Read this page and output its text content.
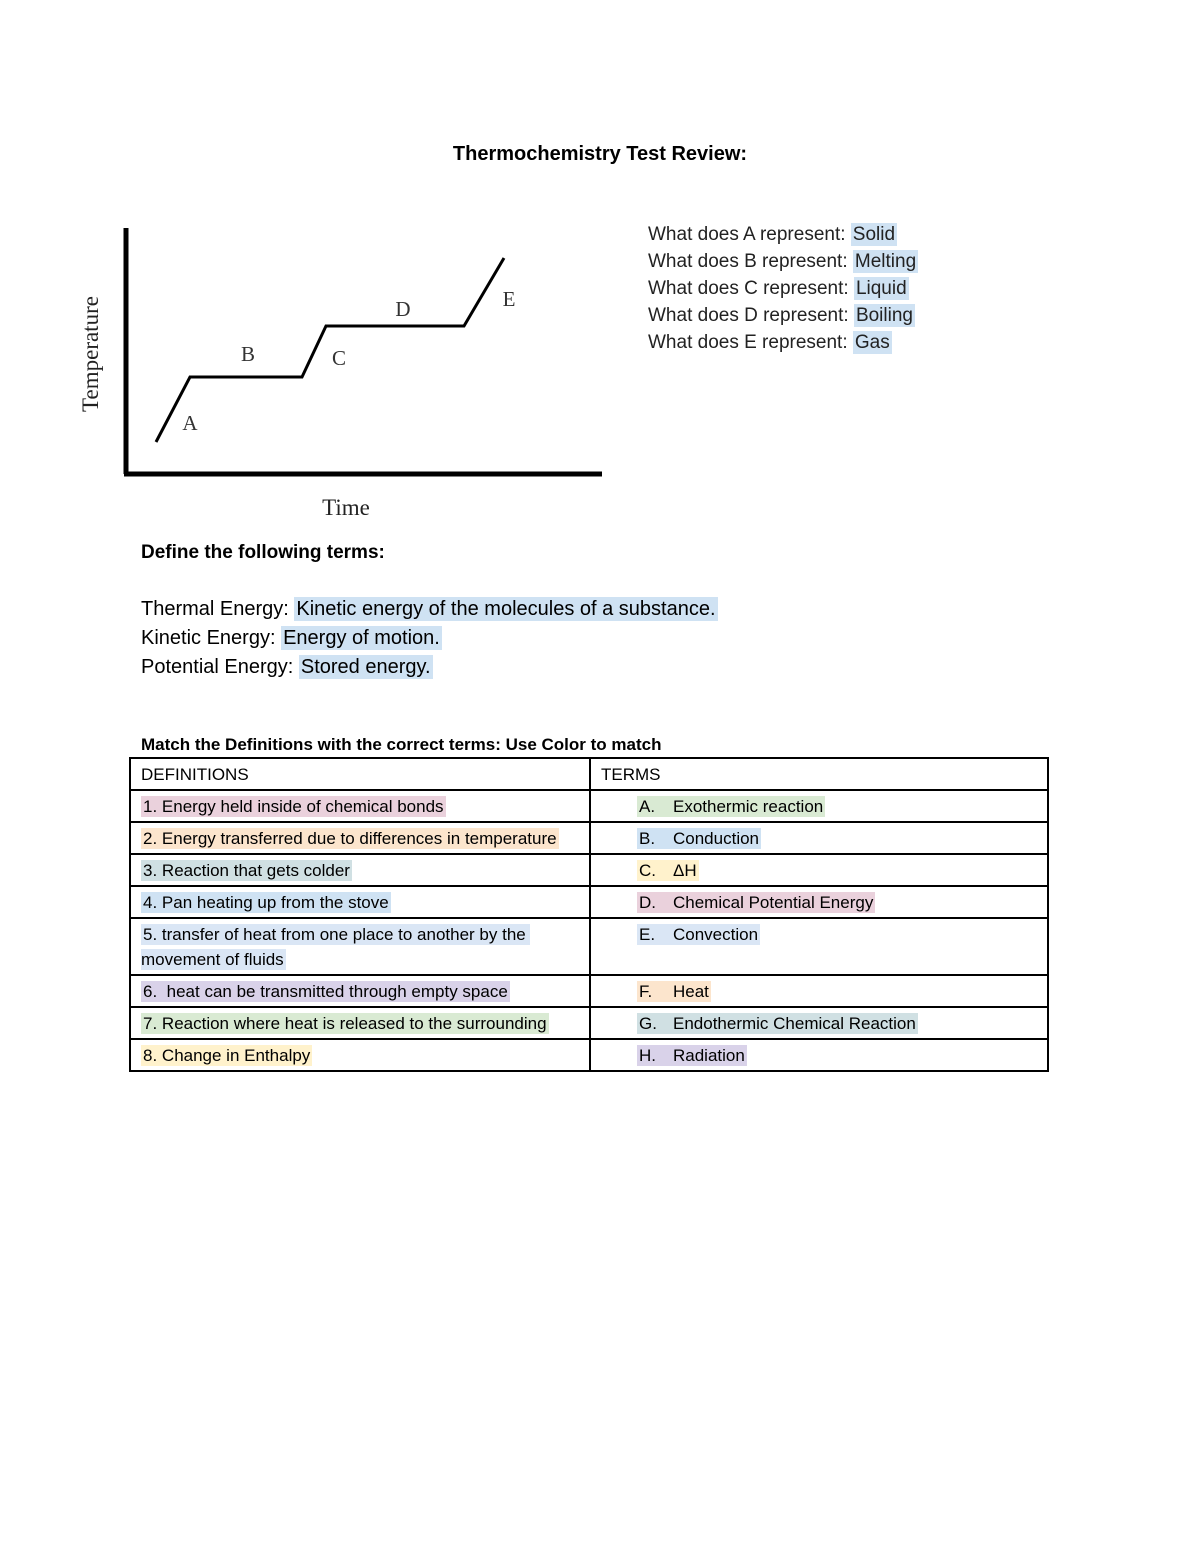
Thermochemistry Test Review:
Temperature
Time
A
B	C
D	E
What does A represent: Solid
What does B represent: Melting
What does C represent: Liquid
What does D represent: Boiling
What does E represent: Gas
Define the following terms:
Thermal Energy: Kinetic energy of the molecules of a substance.
Kinetic Energy: Energy of motion.
Potential Energy: Stored energy.
Match the Definitions with the correct terms: Use Color to match
DEFINITIONS	TERMS
1. Energy held inside of chemical bonds	A. Exothermic reaction
2. Energy transferred due to differences in temperature	B. Conduction
3. Reaction that gets colder	C. ΔH
4. Pan heating up from the stove	D. Chemical Potential Energy
5. transfer of heat from one place to another by the movement of fluids	E. Convection
6.  heat can be transmitted through empty space	F. Heat
7. Reaction where heat is released to the surrounding	G. Endothermic Chemical Reaction
8. Change in Enthalpy	H. Radiation
